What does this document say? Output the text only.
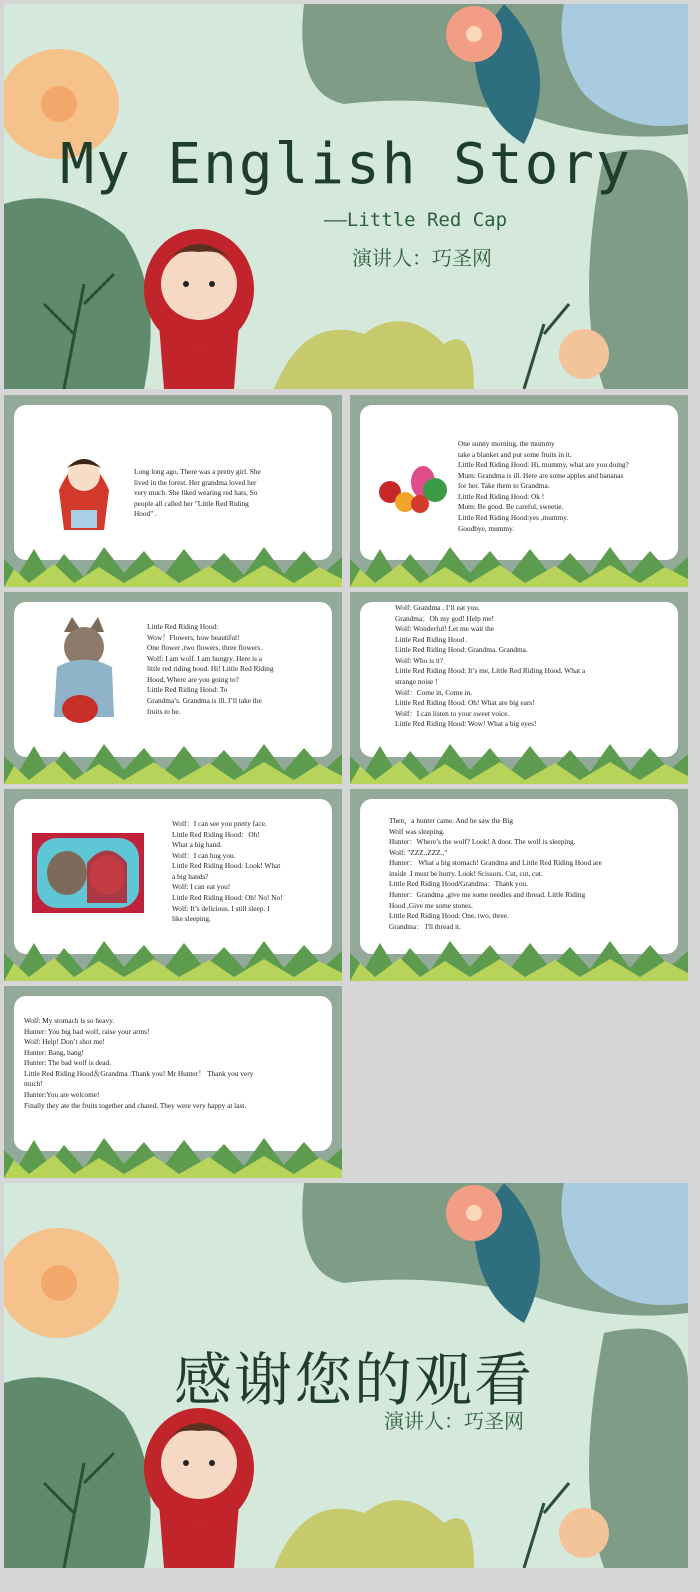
My English Story
——Little Red Cap
演讲人：巧圣网
Long long ago, There was a pretty girl. She
lived in the forest. Her grandma loved her
very much. She liked wearing red hats, So
people all called her "Little Red Riding
Hood" .
One sunny morning, the mummy
take a blanket and put some fruits in it.
Little Red Riding Hood: Hi, mummy, what are you doing?
Mum: Grandma is ill. Here are some apples and bananas
for her. Take them to Grandma.
Little Red Riding Hood: Ok !
Mum: Be good. Be careful, sweetie.
Little Red Riding Hood:yes ,mummy.
Goodbye, mummy.
Little Red Riding Hood:
Wow！Flowers, how beautiful!
One flower ,two flowers, three flowers.
Wolf: I am wolf. I am hungry. Here is a
little red riding hood. Hi! Little Red Riding
Hood, Where are you going to?
Little Red Riding Hood: To
Grandma’s. Grandma is ill. I’ll take the
fruits to he.
Wolf: Grandma , I’ll eat you.
Grandma：Oh my god! Help me!
Wolf: Wonderful! Let me wait the
Little Red Riding Hood .
Little Red Riding Hood: Grandma. Grandma.
Wolf: Who is it?
Little Red Riding Hood: It’s me, Little Red Riding Hood. What a
strange noise !
Wolf：Come in, Come in.
Little Red Riding Hood: Oh! What are big ears!
Wolf：I can listen to your sweet voice.
Little Red Riding Hood: Wow! What a big eyes!
Wolf：I can see you pretty face.
Little Red Riding Hood：Oh!
What a big hand.
Wolf：I can hug you.
Little Red Riding Hood: Look! What
a big hands?
Wolf: I can eat you!
Little Red Riding Hood: Oh! No! No!
Wolf: It’s delicious. I still sleep. I
like sleeping.
Then，a hunter came. And he saw the Big
Wolf was sleeping.
Hunter：Where’s the wolf? Look! A door. The wolf is sleeping.
Wolf: "ZZZ.,ZZZ.,"
Hunter： What a big stomach! Grandma and Little Red Riding Hood are
inside .I must be hurry. Look! Scissors. Cut, cut, cut.
Little Red Riding Hood/Grandma：Thank you.
Hunter：Grandma ,give me some needles and thread. Little Riding
Hood ,Give me some stones.
Little Red Riding Hood: One, two, three.
Grandma： I'll thread it.
Wolf: My stomach is so heavy.
Hunter: You big bad wolf, raise your arms!
Wolf: Help! Don’t shot me!
Hunter: Bang, bang!
Hunter: The bad wolf is dead.
Little Red Riding Hood＆Grandma :Thank you! Mr Hunter！ Thank you very
much!
Hunter:You are welcome!
Finally they ate the fruits together and chated, They were very happy at last.
感谢您的观看
演讲人：巧圣网
